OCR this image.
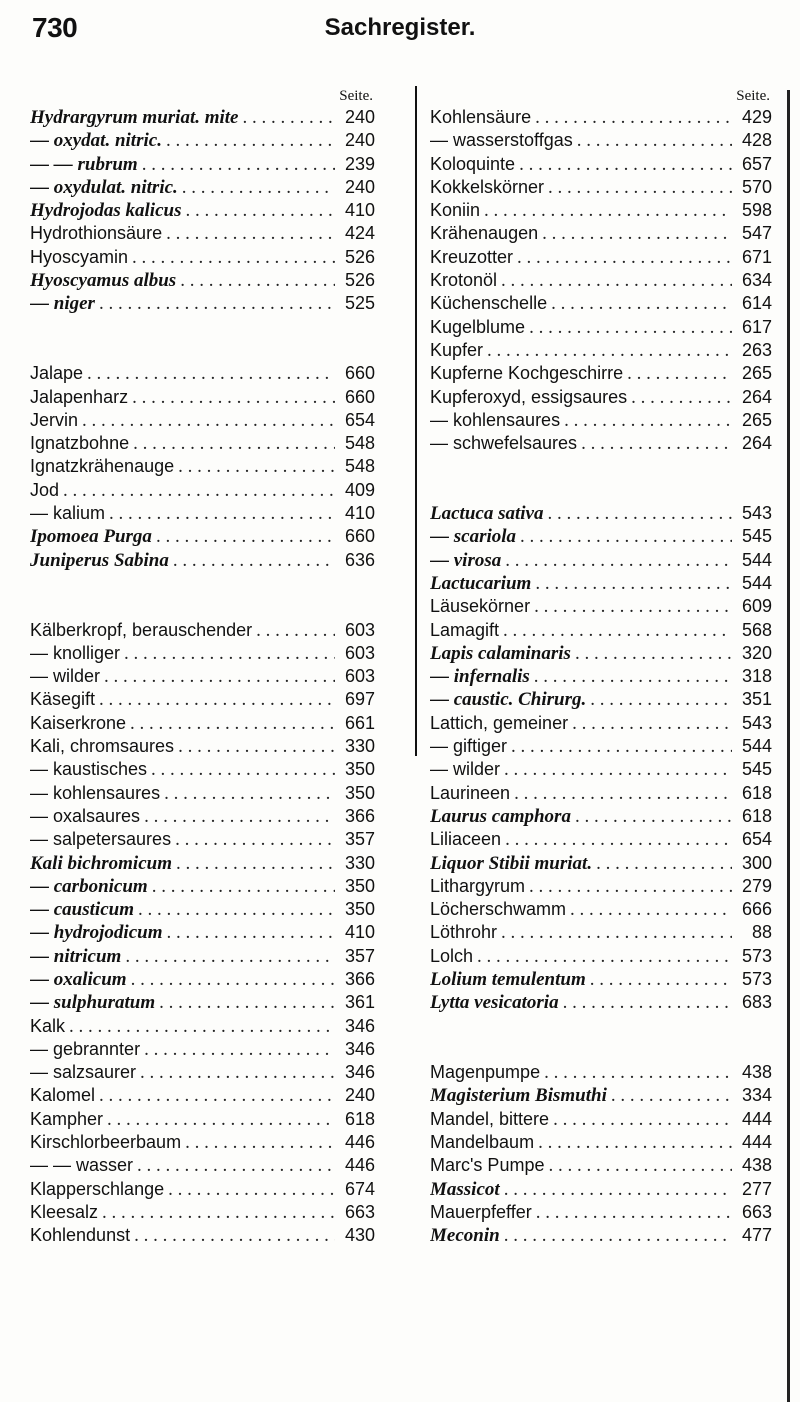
730	Sachregister.
Seite.
Hydrargyrum muriat. mite . . .	240
— oxydat. nitric. . . .	240
— — rubrum . . .	239
— oxydulat. nitric. . . .	240
Hydrojodas kalicus . . .	410
Hydrothionsäure . . .	424
Hyoscyamin . . .	526
Hyoscyamus albus . . .	526
— niger . . .	525
Jalape . . .	660
Jalapenharz . . .	660
Jervin . . .	654
Ignatzbohne . . .	548
Ignatzkrähenauge . . .	548
Jod . . .	409
— kalium . . .	410
Ipomoea Purga . . .	660
Juniperus Sabina . . .	636
Kälberkropf, berauschender . . .	603
— knolliger . . .	603
— wilder . . .	603
Käsegift . . .	697
Kaiserkrone . . .	661
Kali, chromsaures . . .	330
— kaustisches . . .	350
— kohlensaures . . .	350
— oxalsaures . . .	366
— salpetersaures . . .	357
Kali bichromicum . . .	330
— carbonicum . . .	350
— causticum . . .	350
— hydrojodicum . . .	410
— nitricum . . .	357
— oxalicum . . .	366
— sulphuratum . . .	361
Kalk . . .	346
— gebrannter . . .	346
— salzsaurer . . .	346
Kalomel . . .	240
Kampher . . .	618
Kirschlorbeerbaum . . .	446
— — wasser . . .	446
Klapperschlange . . .	674
Kleesalz . . .	663
Kohlendunst . . .	430
Seite.
Kohlensäure . . .	429
— wasserstoffgas . . .	428
Koloquinte . . .	657
Kokkelskörner . . .	570
Koniin . . .	598
Krähenaugen . . .	547
Kreuzotter . . .	671
Krotonöl . . .	634
Küchenschelle . . .	614
Kugelblume . . .	617
Kupfer . . .	263
Kupferne Kochgeschirre . . .	265
Kupferoxyd, essigsaures . . .	264
— kohlensaures . . .	265
— schwefelsaures . . .	264
Lactuca sativa . . .	543
— scariola . . .	545
— virosa . . .	544
Lactucarium . . .	544
Läusekörner . . .	609
Lamagift . . .	568
Lapis calaminaris . . .	320
— infernalis . . .	318
— caustic. Chirurg. . . .	351
Lattich, gemeiner . . .	543
— giftiger . . .	544
— wilder . . .	545
Laurineen . . .	618
Laurus camphora . . .	618
Liliaceen . . .	654
Liquor Stibii muriat. . . .	300
Lithargyrum . . .	279
Löcherschwamm . . .	666
Löthrohr . . .	88
Lolch . . .	573
Lolium temulentum . . .	573
Lytta vesicatoria . . .	683
Magenpumpe . . .	438
Magisterium Bismuthi . . .	334
Mandel, bittere . . .	444
Mandelbaum . . .	444
Marc's Pumpe . . .	438
Massicot . . .	277
Mauerpfeffer . . .	663
Meconin . . .	477
